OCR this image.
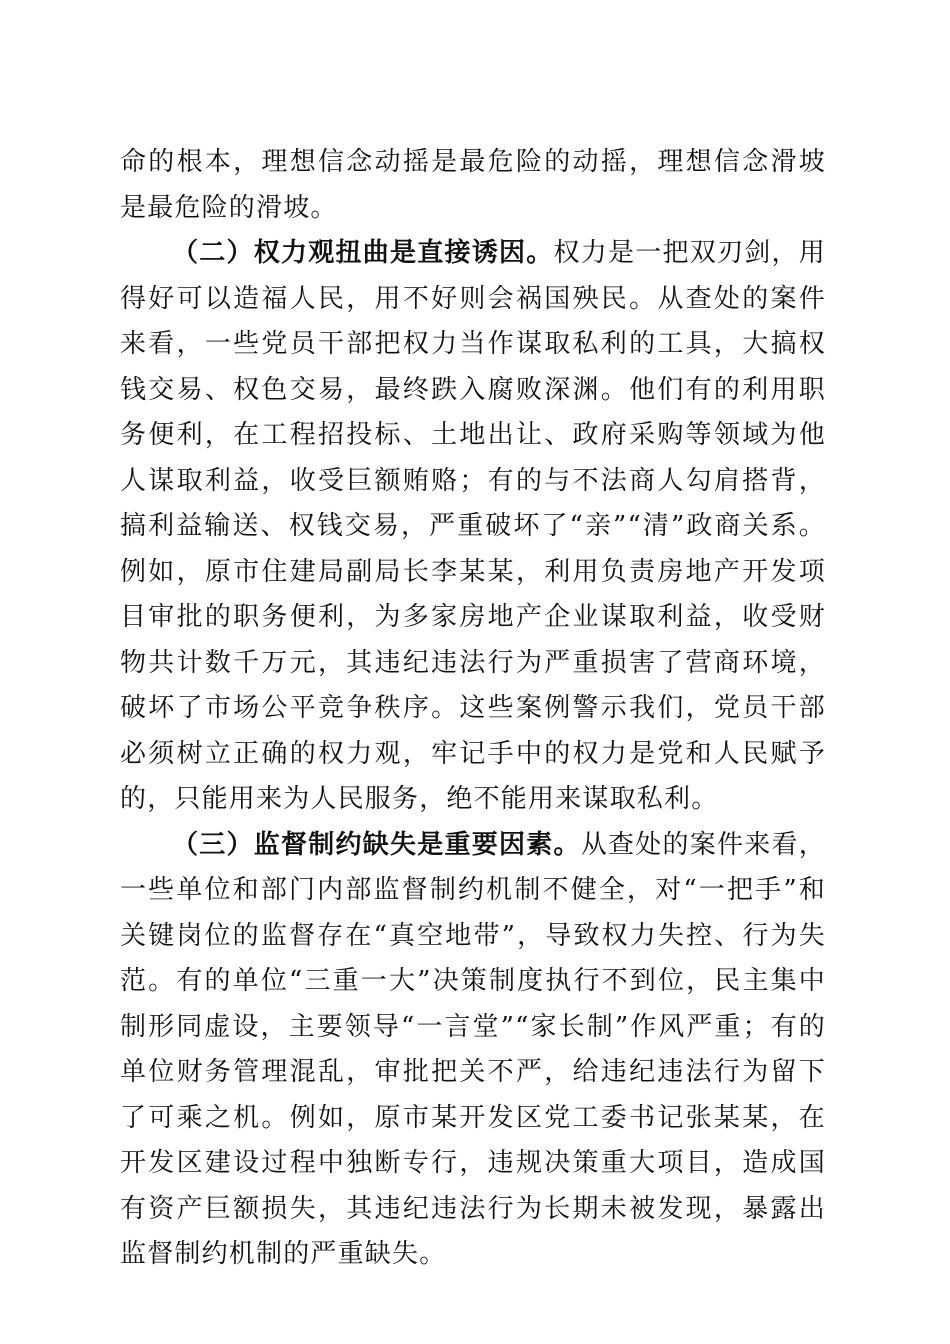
命的根本，理想信念动摇是最危险的动摇，理想信念滑坡是最危险的滑坡。

（二）权力观扭曲是直接诱因。权力是一把双刃剑，用得好可以造福人民，用不好则会祸国殃民。从查处的案件来看，一些党员干部把权力当作谋取私利的工具，大搞权钱交易、权色交易，最终跌入腐败深渊。他们有的利用职务便利，在工程招投标、土地出让、政府采购等领域为他人谋取利益，收受巨额贿赂；有的与不法商人勾肩搭背，搞利益输送、权钱交易，严重破坏了“亲”“清”政商关系。例如，原市住建局副局长李某某，利用负责房地产开发项目审批的职务便利，为多家房地产企业谋取利益，收受财物共计数千万元，其违纪违法行为严重损害了营商环境，破坏了市场公平竞争秩序。这些案例警示我们，党员干部必须树立正确的权力观，牢记手中的权力是党和人民赋予的，只能用来为人民服务，绝不能用来谋取私利。

（三）监督制约缺失是重要因素。从查处的案件来看，一些单位和部门内部监督制约机制不健全，对“一把手”和关键岗位的监督存在“真空地带”，导致权力失控、行为失范。有的单位“三重一大”决策制度执行不到位，民主集中制形同虚设，主要领导“一言堂”“家长制”作风严重；有的单位财务管理混乱，审批把关不严，给违纪违法行为留下了可乘之机。例如，原市某开发区党工委书记张某某，在开发区建设过程中独断专行，违规决策重大项目，造成国有资产巨额损失，其违纪违法行为长期未被发现，暴露出监督制约机制的严重缺失。
